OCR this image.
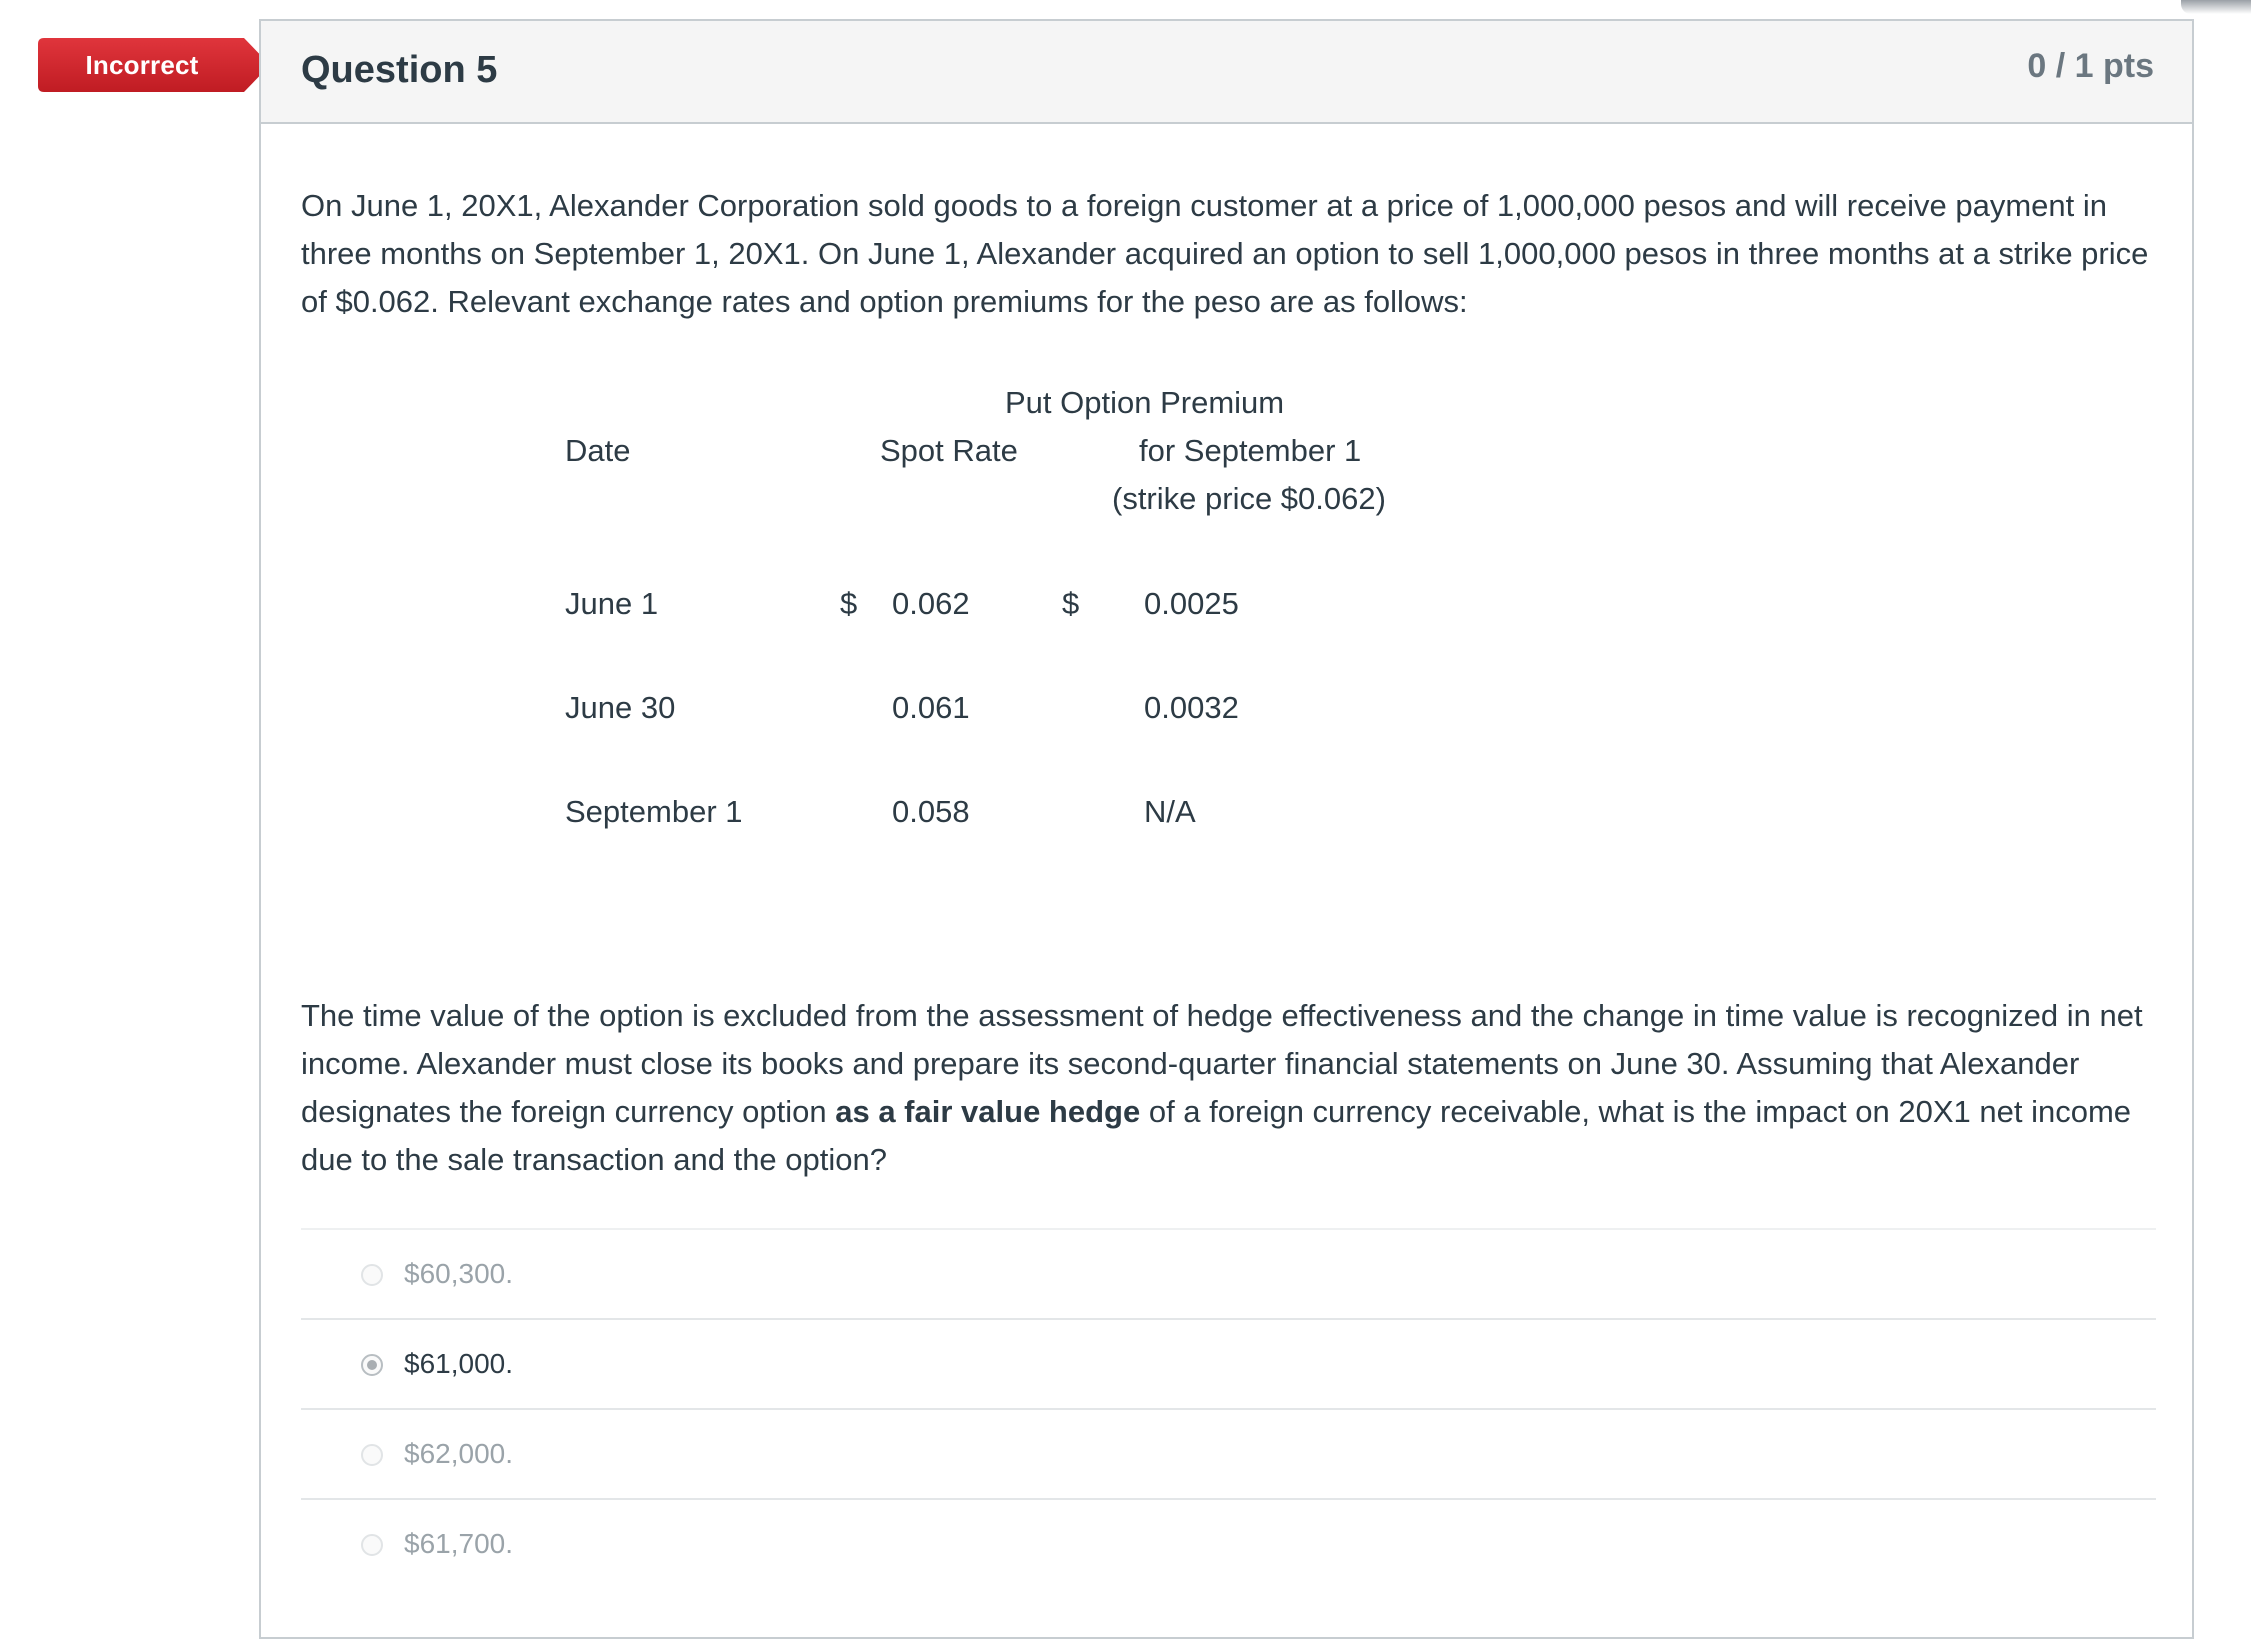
Incorrect	Question 5	0 / 1 pts

On June 1, 20X1, Alexander Corporation sold goods to a foreign customer at a price of 1,000,000 pesos and will receive payment in three months on September 1, 20X1. On June 1, Alexander acquired an option to sell 1,000,000 pesos in three months at a strike price of $0.062. Relevant exchange rates and option premiums for the peso are as follows:

Put Option Premium
Date	Spot Rate	for September 1
(strike price $0.062)
June 1	$ 0.062	$ 0.0025
June 30	0.061	0.0032
September 1	0.058	N/A

The time value of the option is excluded from the assessment of hedge effectiveness and the change in time value is recognized in net income. Alexander must close its books and prepare its second-quarter financial statements on June 30. Assuming that Alexander designates the foreign currency option as a fair value hedge of a foreign currency receivable, what is the impact on 20X1 net income due to the sale transaction and the option?

$60,300.
$61,000.
$62,000.
$61,700.
